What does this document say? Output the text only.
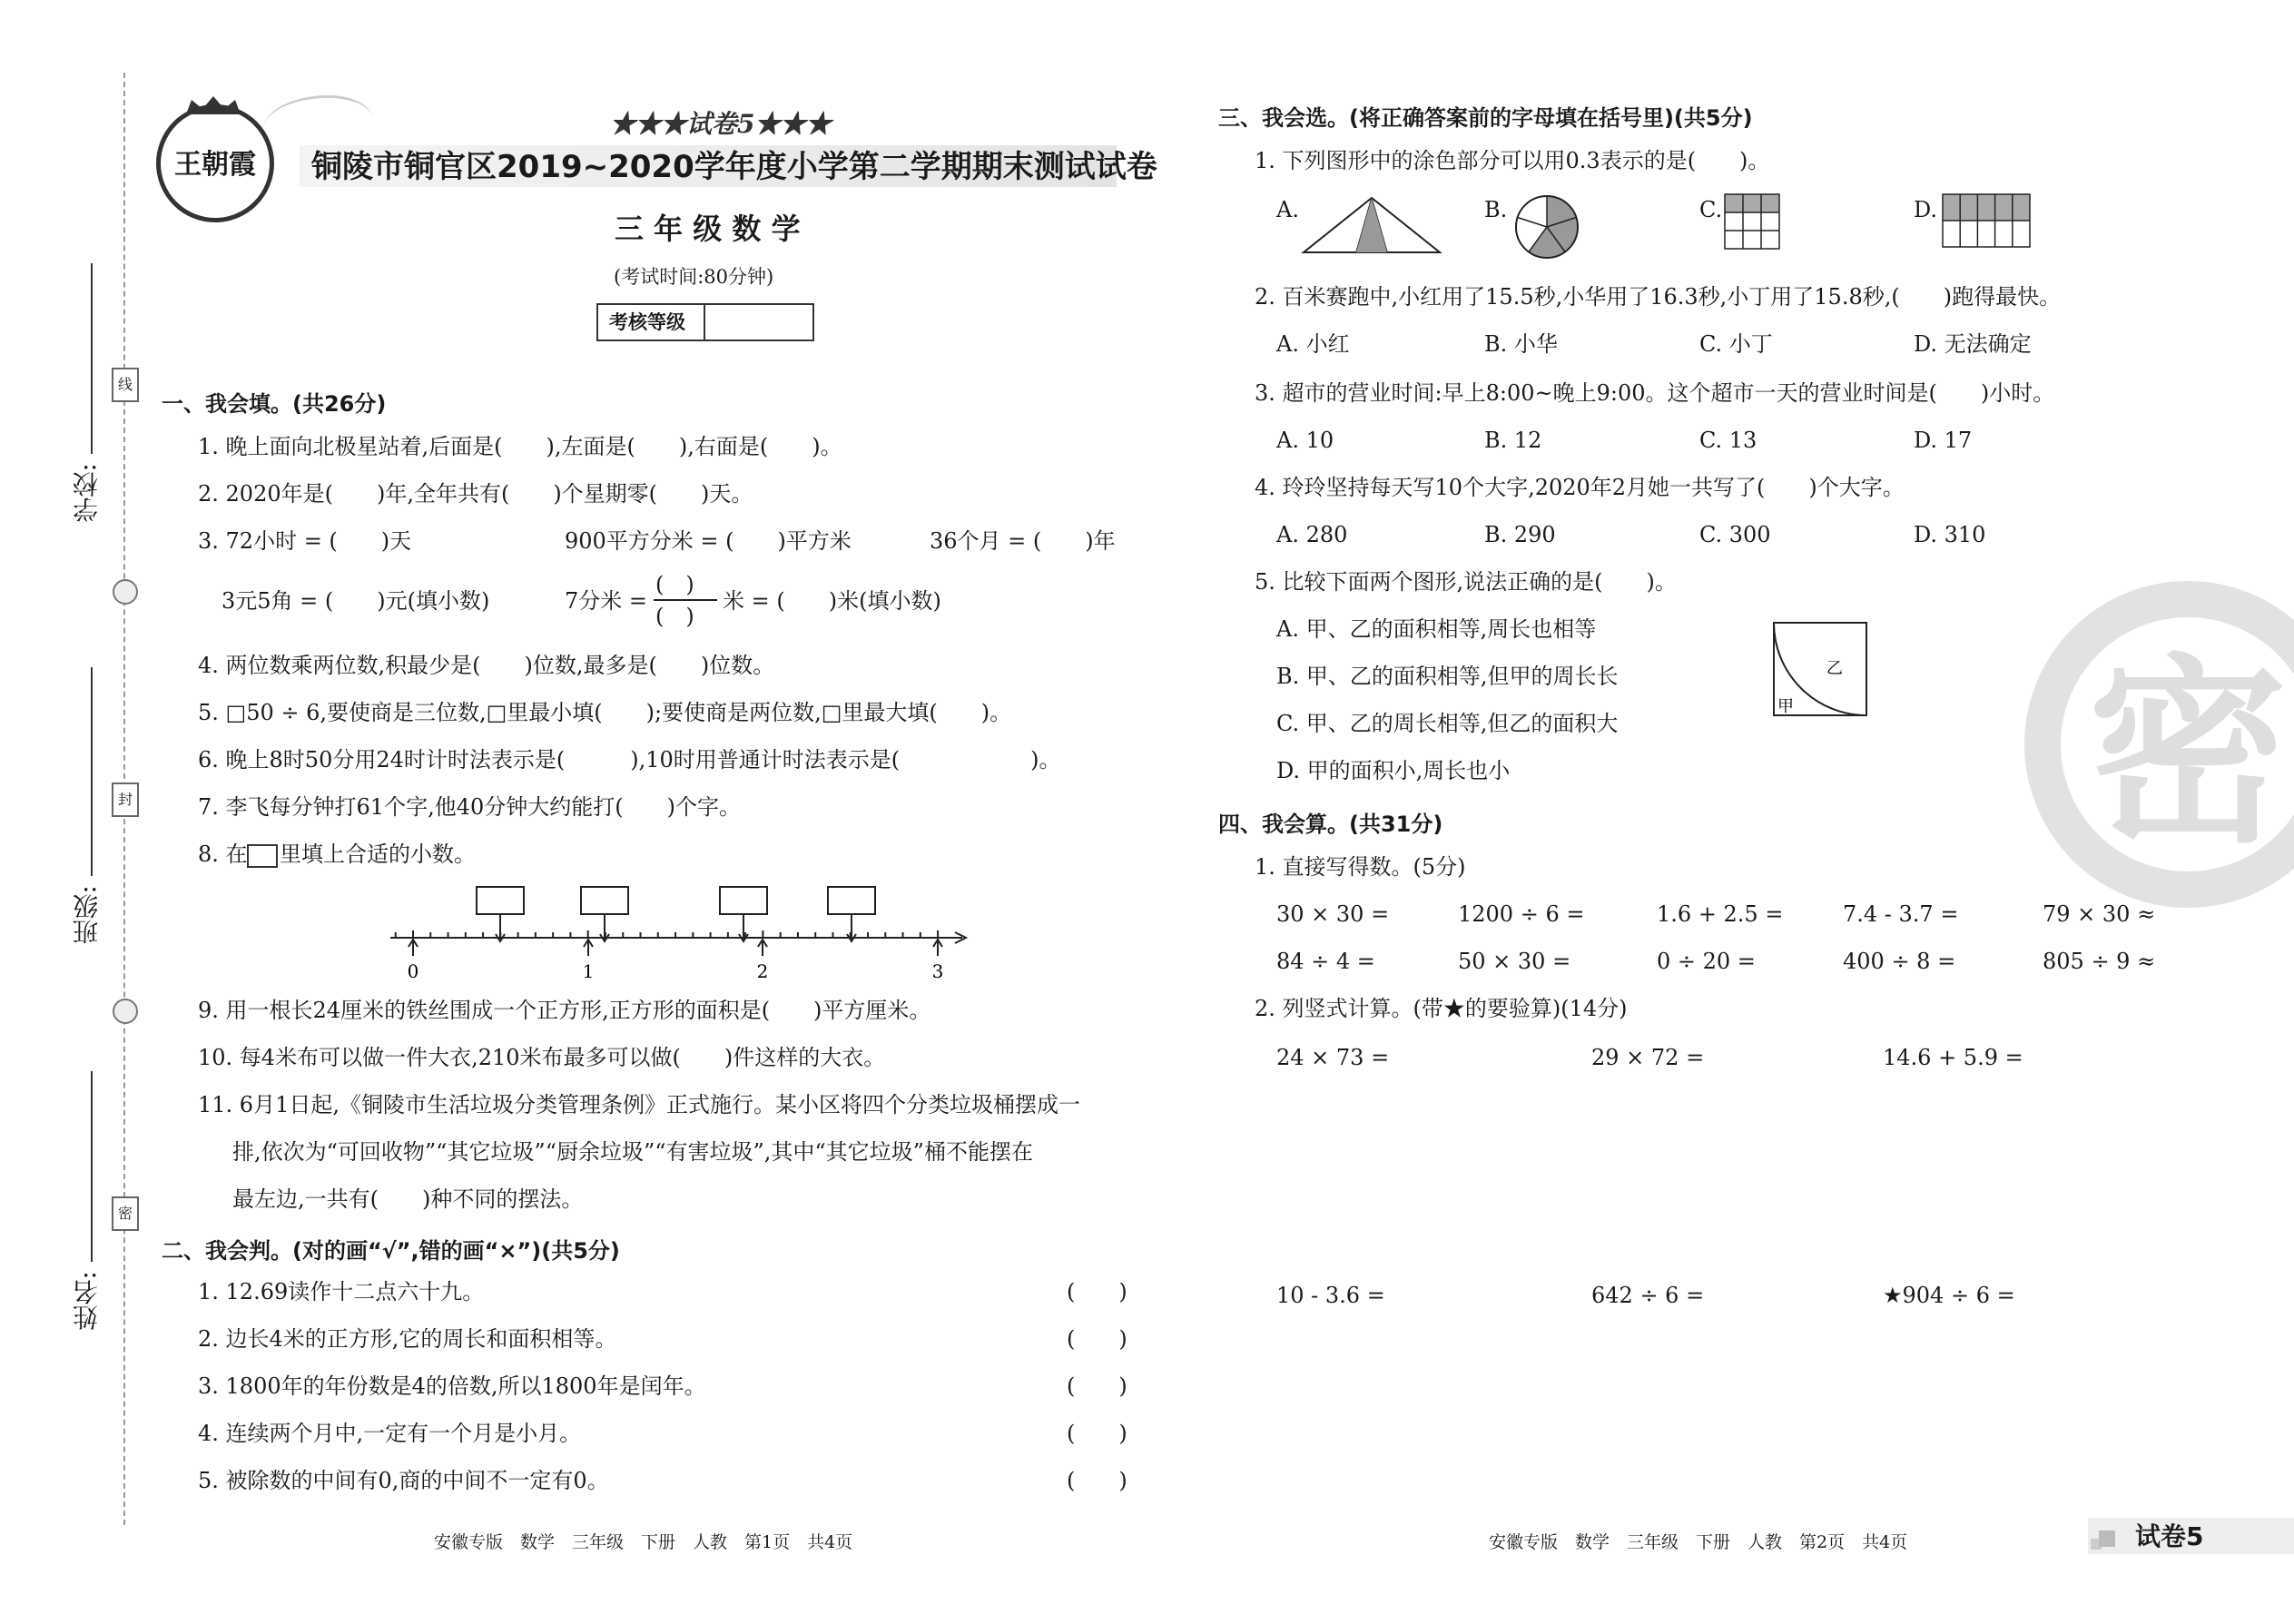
学校:
班级:
姓名:
线
封
密
王朝霞
★★★试卷5★★★
铜陵市铜官区2019~2020学年度小学第二学期期末测试试卷
三 年 级 数 学
(考试时间:80分钟)
考核等级
一、我会填。(共26分)
1. 晚上面向北极星站着,后面是(　　),左面是(　　),右面是(　　)。
2. 2020年是(　　)年,全年共有(　　)个星期零(　　)天。
3. 72小时 = (　　)天	900平方分米 = (　　)平方米	36个月 = (　　)年
3元5角 = (　　)元(填小数)	7分米 =
(　)
(　)
米 = (　　)米(填小数)
4. 两位数乘两位数,积最少是(　　)位数,最多是(　　)位数。
5. □50 ÷ 6,要使商是三位数,□里最小填(　　);要使商是两位数,□里最大填(　　)。
6. 晚上8时50分用24时计时法表示是(　　　),10时用普通计时法表示是(　　　　　　)。
7. 李飞每分钟打61个字,他40分钟大约能打(　　)个字。
8. 在 里填上合适的小数。
0	1	2	3
9. 用一根长24厘米的铁丝围成一个正方形,正方形的面积是(　　)平方厘米。
10. 每4米布可以做一件大衣,210米布最多可以做(　　)件这样的大衣。
11. 6月1日起,《铜陵市生活垃圾分类管理条例》正式施行。某小区将四个分类垃圾桶摆成一
排,依次为“可回收物”“其它垃圾”“厨余垃圾”“有害垃圾”,其中“其它垃圾”桶不能摆在
最左边,一共有(　　)种不同的摆法。
二、我会判。(对的画“√”,错的画“×”)(共5分)
1. 12.69读作十二点六十九。	(　　)
2. 边长4米的正方形,它的周长和面积相等。	(　　)
3. 1800年的年份数是4的倍数,所以1800年是闰年。	(　　)
4. 连续两个月中,一定有一个月是小月。	(　　)
5. 被除数的中间有0,商的中间不一定有0。	(　　)
安徽专版　数学　三年级　下册　人教　第1页　共4页
三、我会选。(将正确答案前的字母填在括号里)(共5分)
1. 下列图形中的涂色部分可以用0.3表示的是(　　)。
A.	B.	C.	D.
2. 百米赛跑中,小红用了15.5秒,小华用了16.3秒,小丁用了15.8秒,(　　)跑得最快。
A. 小红	B. 小华	C. 小丁	D. 无法确定
3. 超市的营业时间:早上8:00~晚上9:00。这个超市一天的营业时间是(　　)小时。
A. 10	B. 12	C. 13	D. 17
4. 玲玲坚持每天写10个大字,2020年2月她一共写了(　　)个大字。
A. 280	B. 290	C. 300	D. 310
5. 比较下面两个图形,说法正确的是(　　)。
A. 甲、乙的面积相等,周长也相等
B. 甲、乙的面积相等,但甲的周长长
C. 甲、乙的周长相等,但乙的面积大
D. 甲的面积小,周长也小
乙
甲
四、我会算。(共31分)
1. 直接写得数。(5分)
30 × 30 =	1200 ÷ 6 =	1.6 + 2.5 =	7.4 - 3.7 =	79 × 30 ≈
84 ÷ 4 =	50 × 30 =	0 ÷ 20 =	400 ÷ 8 =	805 ÷ 9 ≈
2. 列竖式计算。(带★的要验算)(14分)
24 × 73 =	29 × 72 =	14.6 + 5.9 =
10 - 3.6 =	642 ÷ 6 =	★904 ÷ 6 =
密
安徽专版　数学　三年级　下册　人教　第2页　共4页	试卷5
